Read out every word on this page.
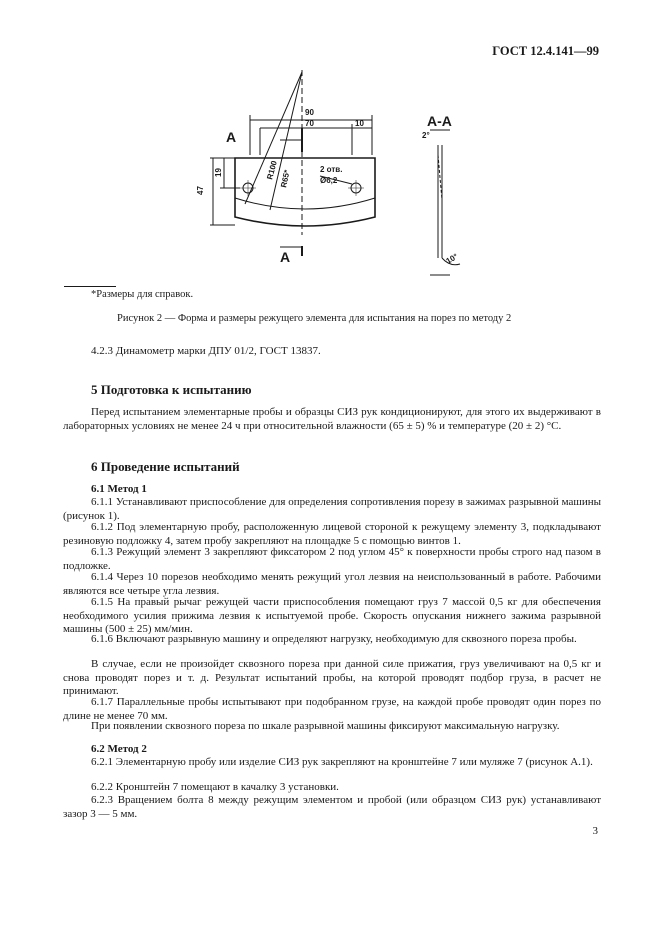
ГОСТ 12.4.141—99
A
A
А-А
90
70	10
47
19	R100 R65*	2 отв.
Ø6,2
2°
10°
*Размеры для справок.
Рисунок 2 — Форма и размеры режущего элемента для испытания на порез по методу 2
4.2.3 Динамометр марки ДПУ 01/2, ГОСТ 13837.
5 Подготовка к испытанию
Перед испытанием элементарные пробы и образцы СИЗ рук кондиционируют, для этого их выдерживают в лабораторных условиях не менее 24 ч при относительной влажности (65 ± 5) % и температуре (20 ± 2) °С.
6 Проведение испытаний
6.1 Метод 1
6.1.1 Устанавливают приспособление для определения сопротивления порезу в зажимах разрывной машины (рисунок 1).
6.1.2 Под элементарную пробу, расположенную лицевой стороной к режущему элементу 3, подкладывают резиновую подложку 4, затем пробу закрепляют на площадке 5 с помощью винтов 1.
6.1.3 Режущий элемент 3 закрепляют фиксатором 2 под углом 45° к поверхности пробы строго над пазом в подложке.
6.1.4 Через 10 порезов необходимо менять режущий угол лезвия на неиспользованный в работе. Рабочими являются все четыре угла лезвия.
6.1.5 На правый рычаг режущей части приспособления помещают груз 7 массой 0,5 кг для обеспечения необходимого усилия прижима лезвия к испытуемой пробе. Скорость опускания нижнего зажима разрывной машины (500 ± 25) мм/мин.
6.1.6 Включают разрывную машину и определяют нагрузку, необходимую для сквозного пореза пробы.
В случае, если не произойдет сквозного пореза при данной силе прижатия, груз увеличивают на 0,5 кг и снова проводят порез и т. д. Результат испытаний пробы, на которой проводят подбор груза, в расчет не принимают.
6.1.7 Параллельные пробы испытывают при подобранном грузе, на каждой пробе проводят один порез по длине не менее 70 мм.
При появлении сквозного пореза по шкале разрывной машины фиксируют максимальную нагрузку.
6.2 Метод 2
6.2.1 Элементарную пробу или изделие СИЗ рук закрепляют на кронштейне 7 или муляже 7 (рисунок А.1).
6.2.2 Кронштейн 7 помещают в качалку 3 установки.
6.2.3 Вращением болта 8 между режущим элементом и пробой (или образцом СИЗ рук) устанавливают зазор 3 — 5 мм.
3
